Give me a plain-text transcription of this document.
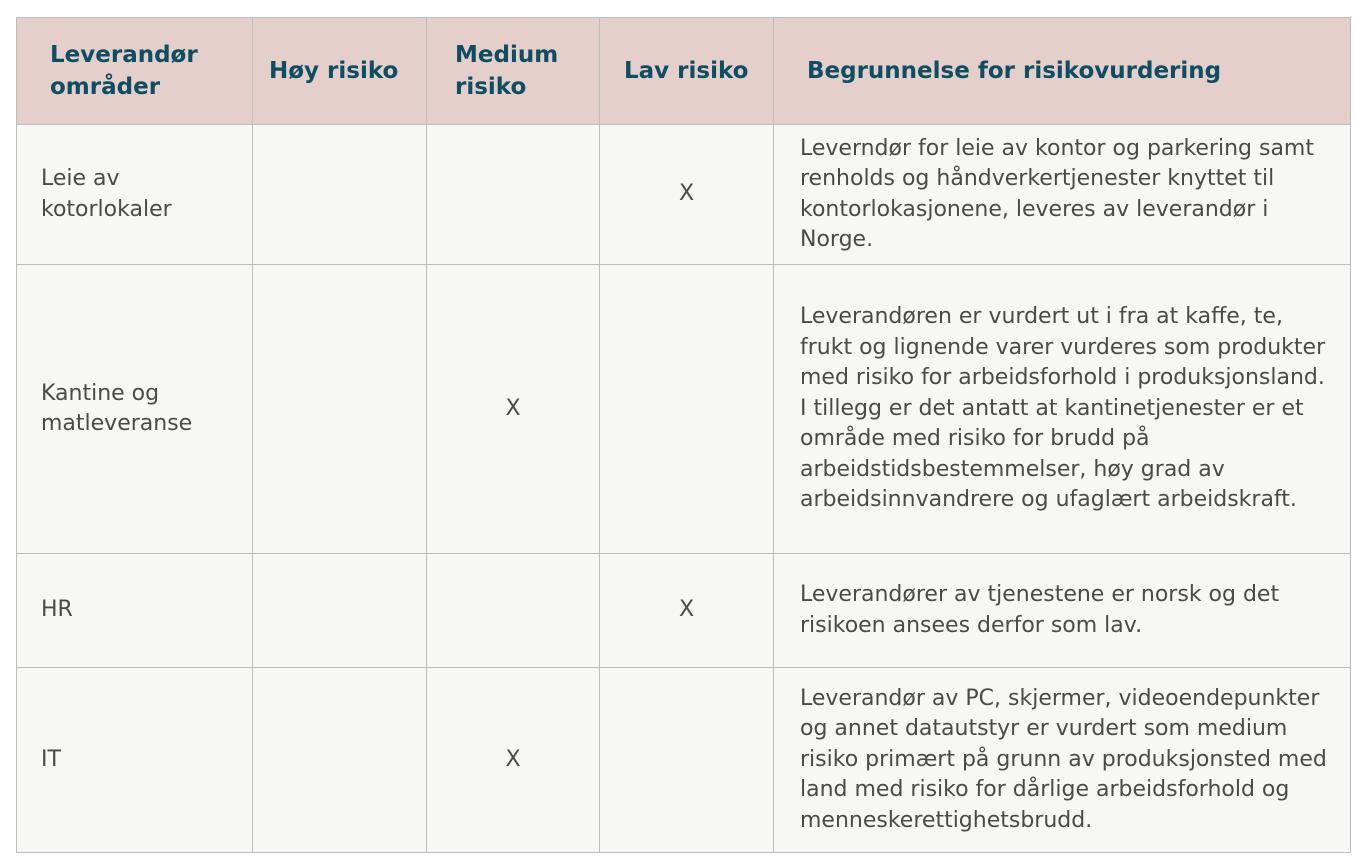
Leverandør områder	Høy risiko	Medium risiko	Lav risiko	Begrunnelse for risikovurdering
Leie av kotorlokaler			X	Leverndør for leie av kontor og parkering samt renholds og håndverkertjenester knyttet til kontorlokasjonene, leveres av leverandør i Norge.
Kantine og matleveranse		X		Leverandøren er vurdert ut i fra at kaffe, te, frukt og lignende varer vurderes som produkter med risiko for arbeidsforhold i produksjonsland. I tillegg er det antatt at kantinetjenester er et område med risiko for brudd på arbeidstidsbestemmelser, høy grad av arbeidsinnvandrere og ufaglært arbeidskraft.
HR			X	Leverandører av tjenestene er norsk og det risikoen ansees derfor som lav.
IT		X		Leverandør av PC, skjermer, videoendepunkter og annet datautstyr er vurdert som medium risiko primært på grunn av produksjonsted med land med risiko for dårlige arbeidsforhold og menneskerettighetsbrudd.
